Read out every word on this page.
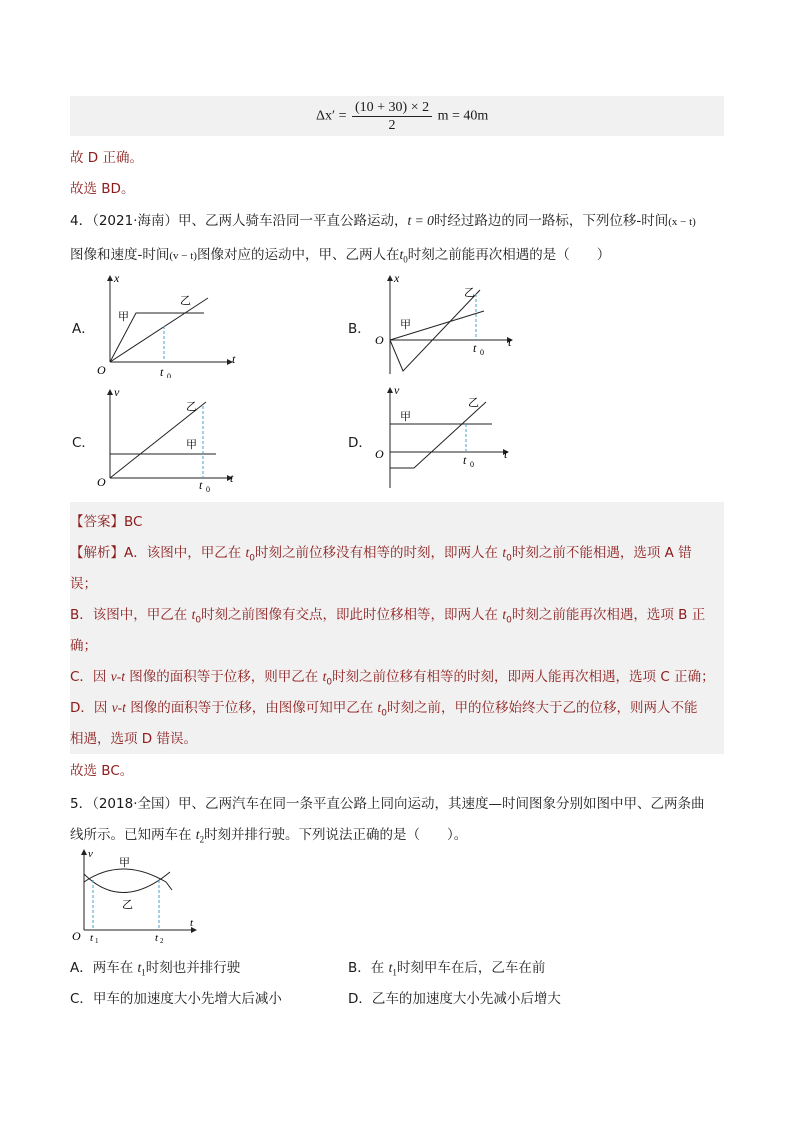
$\Delta x' = \frac{(10 + 30) \times 2}{2}$ m = 40m
故 D 正确。
故选 BD。
4．（2021·海南）甲、乙两人骑车沿同一平直公路运动，t = 0时经过路边的同一路标，下列位移-时间(x − t)
图像和速度-时间(v − t)图像对应的运动中，甲、乙两人在$t_0$时刻之前能再次相遇的是（　　）
A．	B．
C．	D．
x
t
O	t 0
甲
乙
x
t
O
t 0
甲
乙
v
t
O	t 0
甲
乙
v
t
O	t 0
甲
乙
【答案】BC
【解析】A．该图中，甲乙在 $t_0$时刻之前位移没有相等的时刻，即两人在 $t_0$时刻之前不能相遇，选项 A 错
误；
B．该图中，甲乙在 $t_0$时刻之前图像有交点，即此时位移相等，即两人在 $t_0$时刻之前能再次相遇，选项 B 正
确；
C．因 v-t 图像的面积等于位移，则甲乙在 $t_0$时刻之前位移有相等的时刻，即两人能再次相遇，选项 C 正确；
D．因 v-t 图像的面积等于位移，由图像可知甲乙在 $t_0$时刻之前，甲的位移始终大于乙的位移，则两人不能
相遇，选项 D 错误。
故选 BC。
5．（2018·全国）甲、乙两汽车在同一条平直公路上同向运动，其速度—时间图象分别如图中甲、乙两条曲
线所示。已知两车在 $t_2$时刻并排行驶。下列说法正确的是（　　）。
v
t
O t 1	t 2
甲
乙
A．两车在 $t_1$时刻也并排行驶	B．在 $t_1$时刻甲车在后，乙车在前
C．甲车的加速度大小先增大后减小	D．乙车的加速度大小先减小后增大
